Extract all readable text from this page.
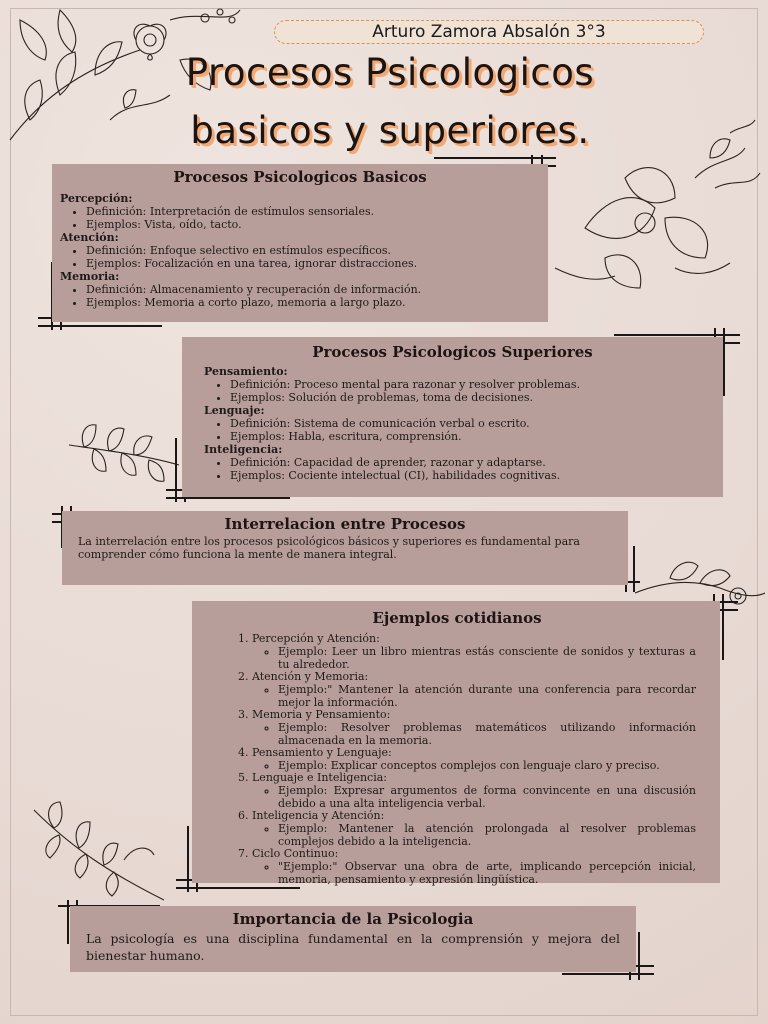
Arturo Zamora Absalón 3°3
Procesos Psicologicos
basicos y superiores.
Procesos Psicologicos Basicos

Percepción:

• Definición: Interpretación de estímulos sensoriales.
• Ejemplos: Vista, oído, tacto.

Atención:

• Definición: Enfoque selectivo en estímulos específicos.
• Ejemplos: Focalización en una tarea, ignorar distracciones.

Memoria:

• Definición: Almacenamiento y recuperación de información.
• Ejemplos: Memoria a corto plazo, memoria a largo plazo.
Procesos Psicologicos Superiores

Pensamiento:

• Definición: Proceso mental para razonar y resolver problemas.
• Ejemplos: Solución de problemas, toma de decisiones.

Lenguaje:

• Definición: Sistema de comunicación verbal o escrito.
• Ejemplos: Habla, escritura, comprensión.

Inteligencia:

• Definición: Capacidad de aprender, razonar y adaptarse.
• Ejemplos: Cociente intelectual (CI), habilidades cognitivas.
Interrelacion entre Procesos

La interrelación entre los procesos psicológicos básicos y superiores es fundamental para comprender cómo funciona la mente de manera integral.

Ejemplos cotidianos
1. Percepción y Atención:
◦ Ejemplo: Leer un libro mientras estás consciente de sonidos y texturas a tu alrededor.
2. Atención y Memoria:
◦ Ejemplo:" Mantener la atención durante una conferencia para recordar mejor la información.
3. Memoria y Pensamiento:
◦ Ejemplo: Resolver problemas matemáticos utilizando información almacenada en la memoria.
4. Pensamiento y Lenguaje:
◦ Ejemplo: Explicar conceptos complejos con lenguaje claro y preciso.
5. Lenguaje e Inteligencia:
◦ Ejemplo: Expresar argumentos de forma convincente en una discusión debido a una alta inteligencia verbal.
6. Inteligencia y Atención:
◦ Ejemplo: Mantener la atención prolongada al resolver problemas complejos debido a la inteligencia.
7. Ciclo Continuo:
◦ "Ejemplo:" Observar una obra de arte, implicando percepción inicial, memoria, pensamiento y expresión lingüística.
Importancia de la Psicologia

La psicología es una disciplina fundamental en la comprensión y mejora del bienestar humano.
